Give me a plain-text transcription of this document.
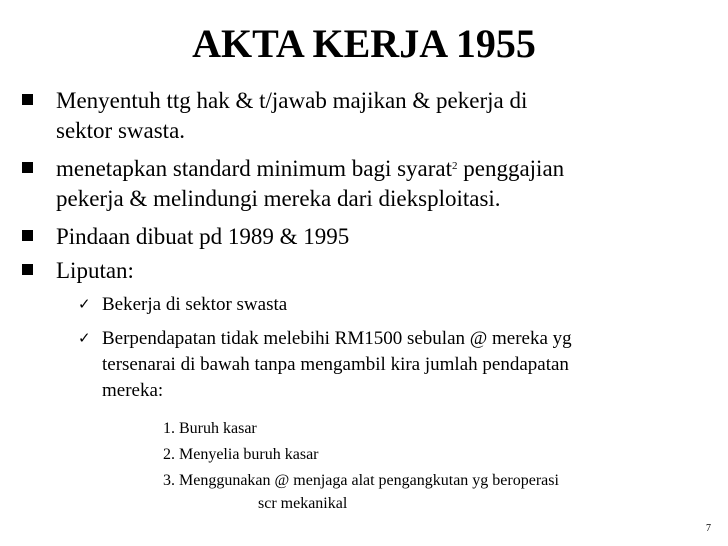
AKTA KERJA 1955
Menyentuh ttg hak & t/jawab majikan & pekerja di
sektor swasta.
menetapkan standard minimum bagi syarat$^2$ penggajian
pekerja & melindungi mereka dari dieksploitasi.
Pindaan dibuat pd 1989 & 1995
Liputan:
✓ Bekerja di sektor swasta
✓ Berpendapatan tidak melebihi RM1500 sebulan @ mereka yg
tersenarai di bawah tanpa mengambil kira jumlah pendapatan
mereka:
1. Buruh kasar
2. Menyelia buruh kasar
3. Menggunakan @ menjaga alat pengangkutan yg beroperasi
scr mekanikal
7
